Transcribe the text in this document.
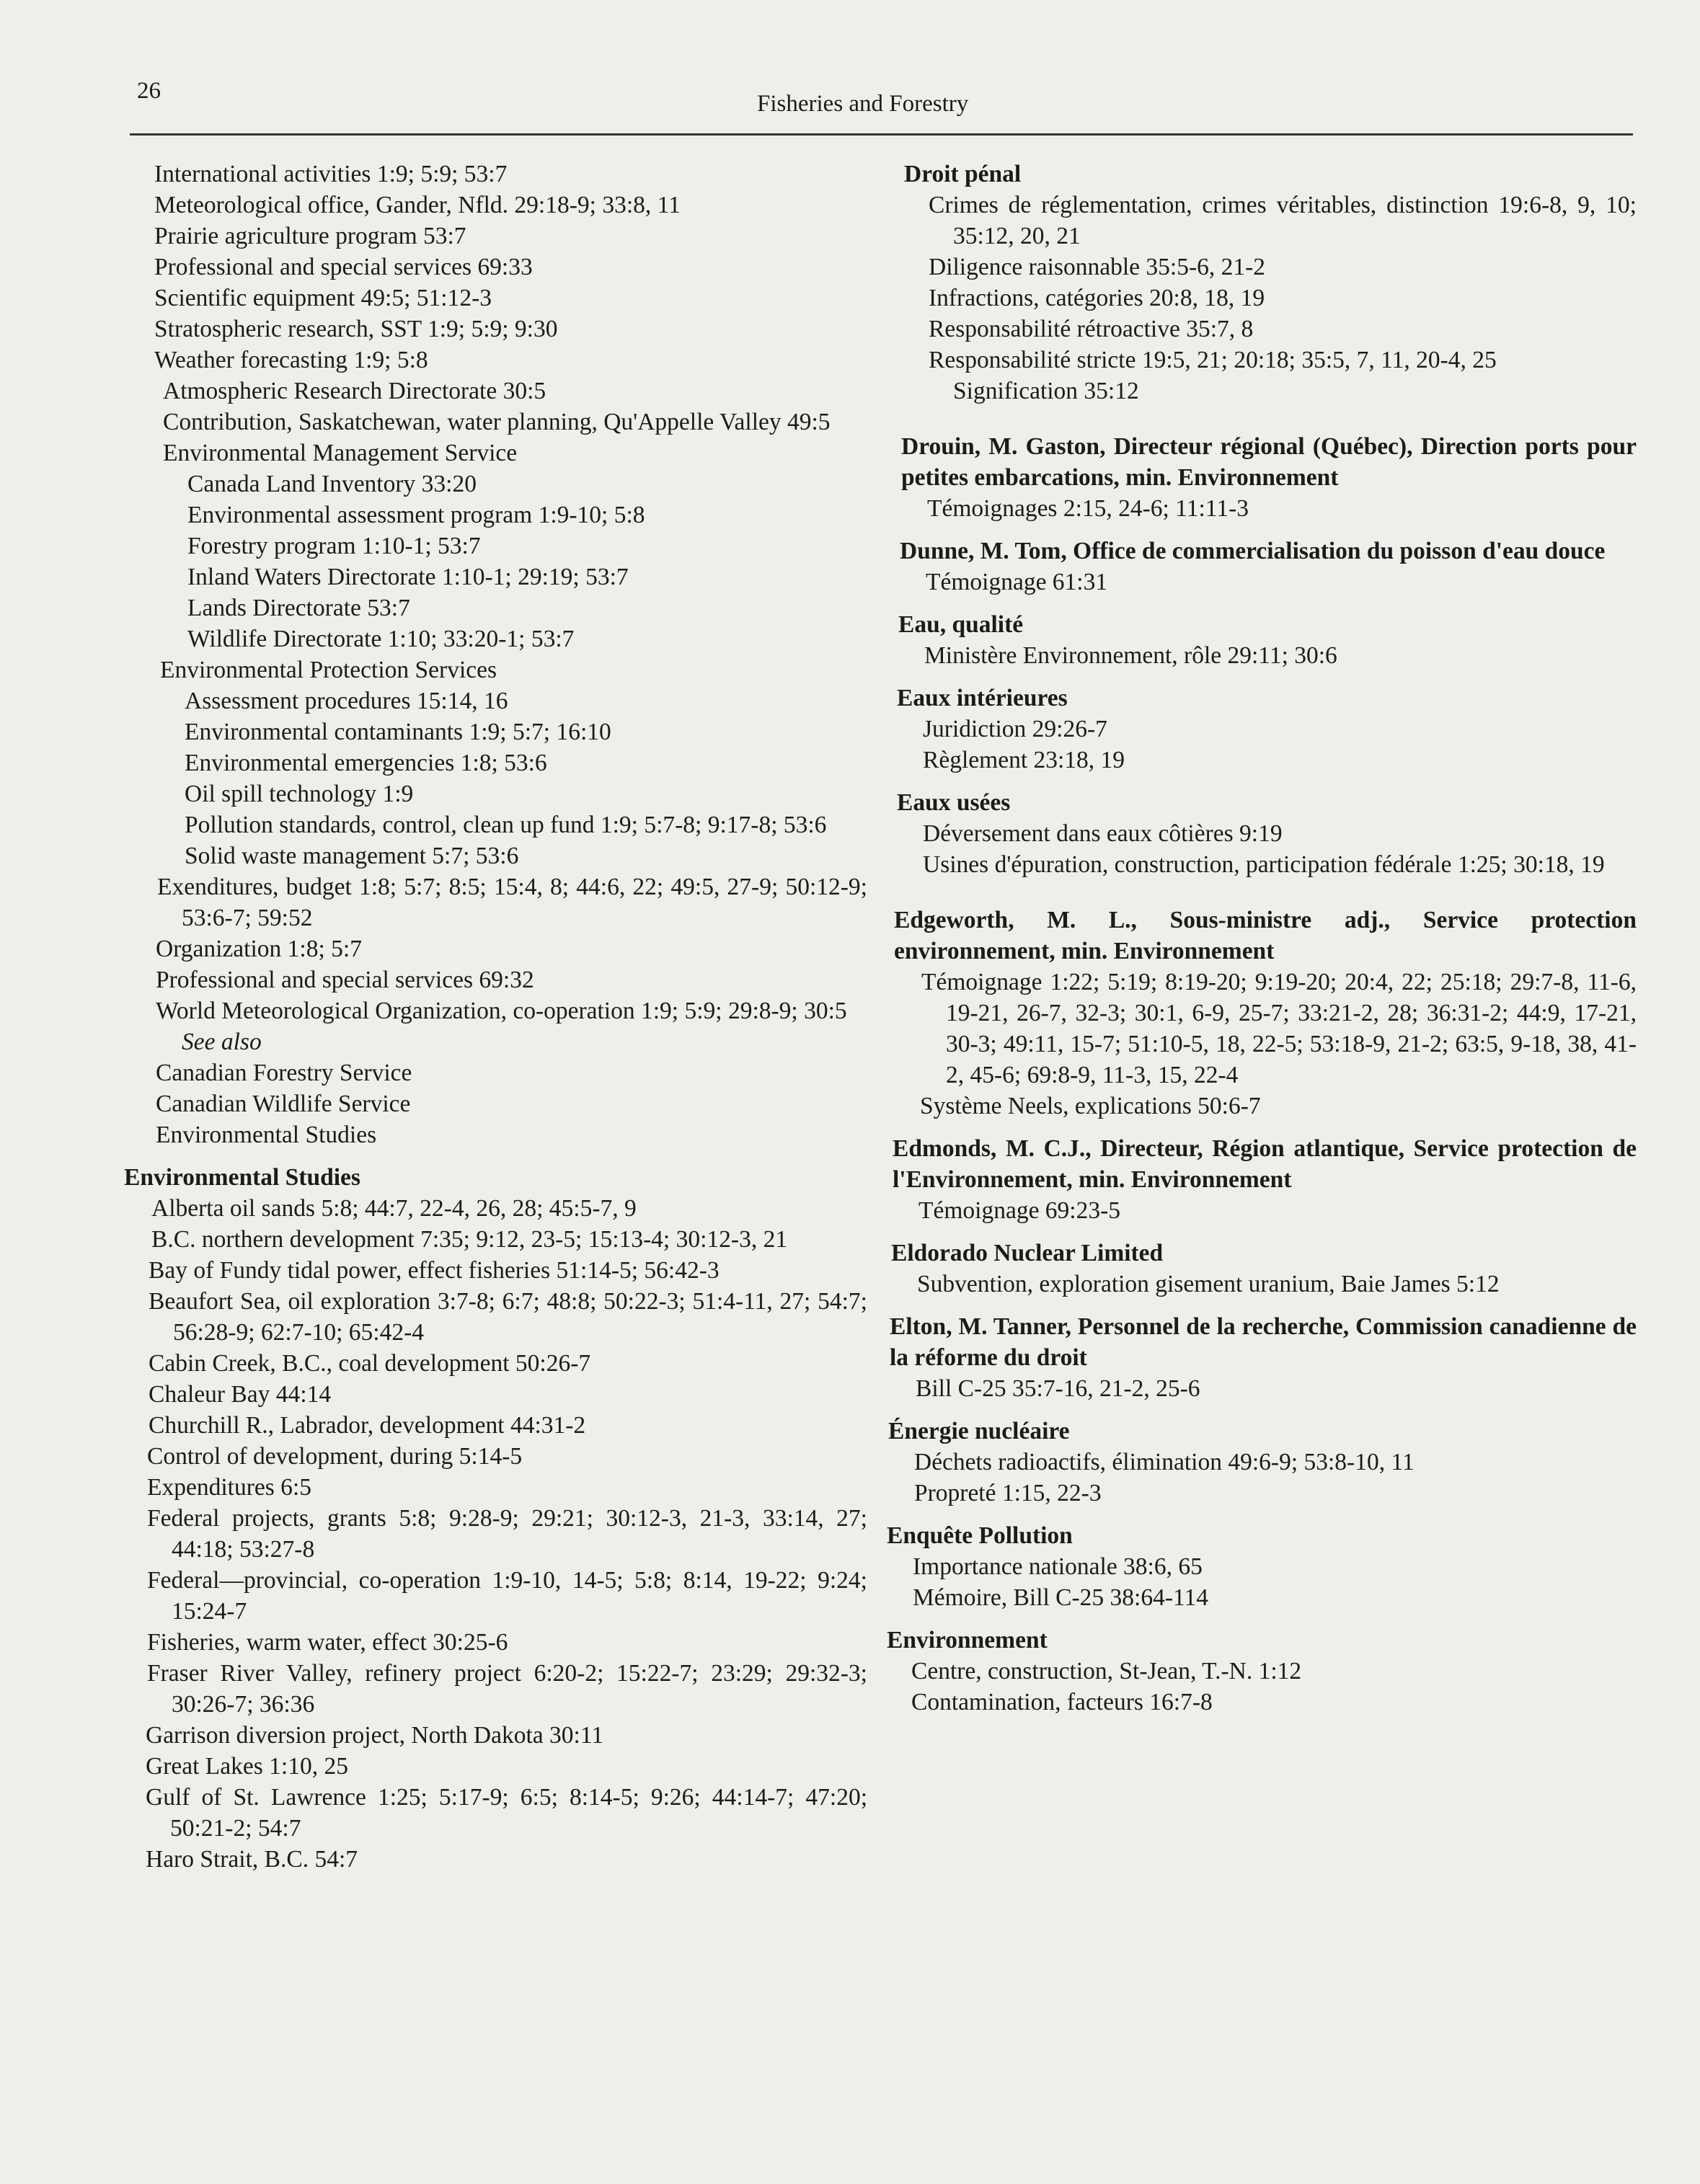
26	Fisheries and Forestry
International activities 1:9; 5:9; 53:7
Meteorological office, Gander, Nfld. 29:18-9; 33:8, 11
Prairie agriculture program 53:7
Professional and special services 69:33
Scientific equipment 49:5; 51:12-3
Stratospheric research, SST 1:9; 5:9; 9:30
Weather forecasting 1:9; 5:8
Atmospheric Research Directorate 30:5
Contribution, Saskatchewan, water planning, Qu'Appelle Valley 49:5
Environmental Management Service
Canada Land Inventory 33:20
Environmental assessment program 1:9-10; 5:8
Forestry program 1:10-1; 53:7
Inland Waters Directorate 1:10-1; 29:19; 53:7
Lands Directorate 53:7
Wildlife Directorate 1:10; 33:20-1; 53:7
Environmental Protection Services
Assessment procedures 15:14, 16
Environmental contaminants 1:9; 5:7; 16:10
Environmental emergencies 1:8; 53:6
Oil spill technology 1:9
Pollution standards, control, clean up fund 1:9; 5:7-8; 9:17-8; 53:6
Solid waste management 5:7; 53:6
Exenditures, budget 1:8; 5:7; 8:5; 15:4, 8; 44:6, 22; 49:5, 27-9; 50:12-9; 53:6-7; 59:52
Organization 1:8; 5:7
Professional and special services 69:32
World Meteorological Organization, co-operation 1:9; 5:9; 29:8-9; 30:5
See also
Canadian Forestry Service
Canadian Wildlife Service
Environmental Studies
Environmental Studies
Alberta oil sands 5:8; 44:7, 22-4, 26, 28; 45:5-7, 9
B.C. northern development 7:35; 9:12, 23-5; 15:13-4; 30:12-3, 21
Bay of Fundy tidal power, effect fisheries 51:14-5; 56:42-3
Beaufort Sea, oil exploration 3:7-8; 6:7; 48:8; 50:22-3; 51:4-11, 27; 54:7; 56:28-9; 62:7-10; 65:42-4
Cabin Creek, B.C., coal development 50:26-7
Chaleur Bay 44:14
Churchill R., Labrador, development 44:31-2
Control of development, during 5:14-5
Expenditures 6:5
Federal projects, grants 5:8; 9:28-9; 29:21; 30:12-3, 21-3, 33:14, 27; 44:18; 53:27-8
Federal—provincial, co-operation 1:9-10, 14-5; 5:8; 8:14, 19-22; 9:24; 15:24-7
Fisheries, warm water, effect 30:25-6
Fraser River Valley, refinery project 6:20-2; 15:22-7; 23:29; 29:32-3; 30:26-7; 36:36
Garrison diversion project, North Dakota 30:11
Great Lakes 1:10, 25
Gulf of St. Lawrence 1:25; 5:17-9; 6:5; 8:14-5; 9:26; 44:14-7; 47:20; 50:21-2; 54:7
Haro Strait, B.C. 54:7
Droit pénal
Crimes de réglementation, crimes véritables, distinction 19:6-8, 9, 10; 35:12, 20, 21
Diligence raisonnable 35:5-6, 21-2
Infractions, catégories 20:8, 18, 19
Responsabilité rétroactive 35:7, 8
Responsabilité stricte 19:5, 21; 20:18; 35:5, 7, 11, 20-4, 25
Signification 35:12
Drouin, M. Gaston, Directeur régional (Québec), Direction ports pour petites embarcations, min. Environnement
Témoignages 2:15, 24-6; 11:11-3
Dunne, M. Tom, Office de commercialisation du poisson d'eau douce
Témoignage 61:31
Eau, qualité
Ministère Environnement, rôle 29:11; 30:6
Eaux intérieures
Juridiction 29:26-7
Règlement 23:18, 19
Eaux usées
Déversement dans eaux côtières 9:19
Usines d'épuration, construction, participation fédérale 1:25; 30:18, 19
Edgeworth, M. L., Sous-ministre adj., Service protection environnement, min. Environnement
Témoignage 1:22; 5:19; 8:19-20; 9:19-20; 20:4, 22; 25:18; 29:7-8, 11-6, 19-21, 26-7, 32-3; 30:1, 6-9, 25-7; 33:21-2, 28; 36:31-2; 44:9, 17-21, 30-3; 49:11, 15-7; 51:10-5, 18, 22-5; 53:18-9, 21-2; 63:5, 9-18, 38, 41-2, 45-6; 69:8-9, 11-3, 15, 22-4
Système Neels, explications 50:6-7
Edmonds, M. C.J., Directeur, Région atlantique, Service protection de l'Environnement, min. Environnement
Témoignage 69:23-5
Eldorado Nuclear Limited
Subvention, exploration gisement uranium, Baie James 5:12
Elton, M. Tanner, Personnel de la recherche, Commission canadienne de la réforme du droit
Bill C-25 35:7-16, 21-2, 25-6
Énergie nucléaire
Déchets radioactifs, élimination 49:6-9; 53:8-10, 11
Propreté 1:15, 22-3
Enquête Pollution
Importance nationale 38:6, 65
Mémoire, Bill C-25 38:64-114
Environnement
Centre, construction, St-Jean, T.-N. 1:12
Contamination, facteurs 16:7-8
